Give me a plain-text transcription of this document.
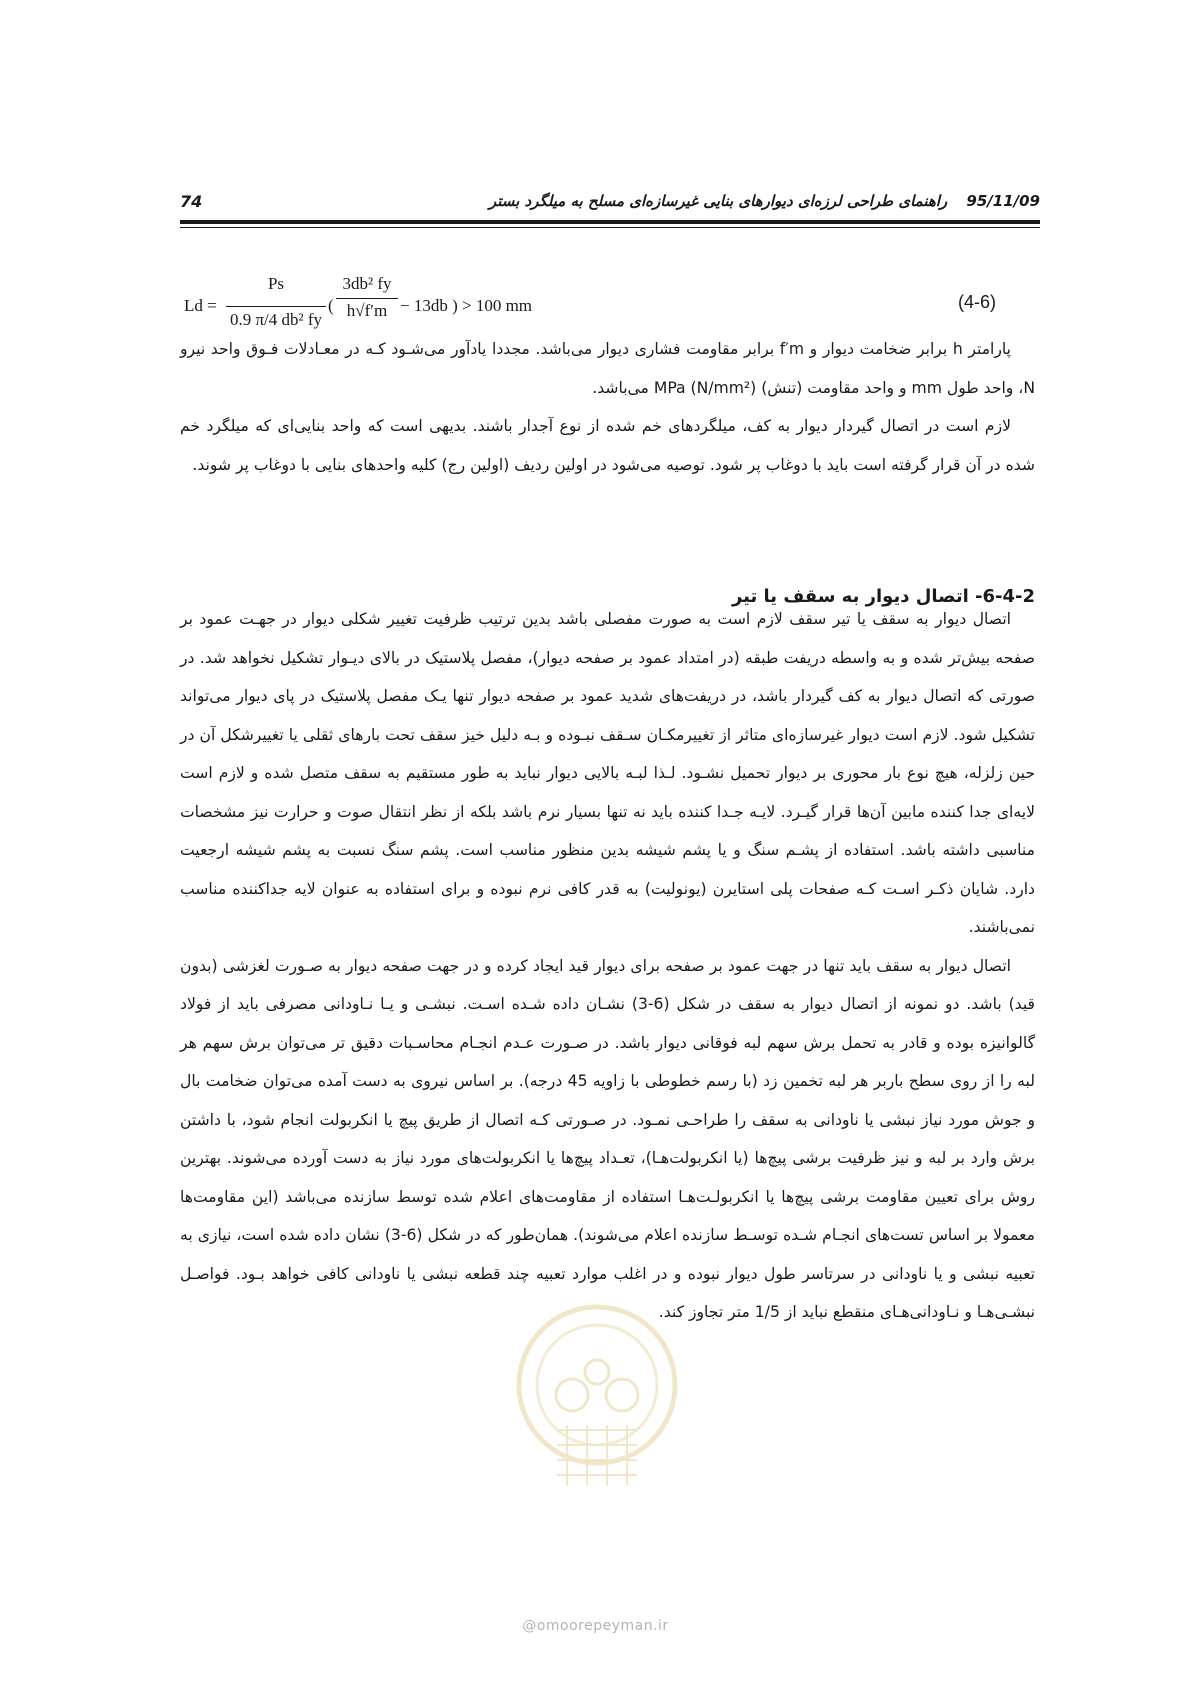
74	95/11/09 راهنمای طراحی لرزه‌ای دیوارهای بنایی غیرسازه‌ای مسلح به میلگرد بستر
Ld =
Ps
0.9 π/4 db² fy
(
3db² fy
h√f′m − 13db ) > 100 mm	(4-6)

پارامتر h برابر ضخامت دیوار و f′m برابر مقاومت فشاری دیوار می‌باشد. مجددا یادآور می‌شـود کـه در معـادلات فـوق واحد نیرو N، واحد طول mm و واحد مقاومت (تنش) MPa (N/mm²) می‌باشد.

لازم است در اتصال گیردار دیوار به کف، میلگردهای خم شده از نوع آجدار باشند. بدیهی است که واحد بنایی‌ای که میلگرد خم شده در آن قرار گرفته است باید با دوغاب پر شود. توصیه می‌شود در اولین ردیف (اولین رج) کلیه واحدهای بنایی با دوغاب پر شوند.

6-4-2- اتصال دیوار به سقف یا تیر

اتصال دیوار به سقف یا تیر سقف لازم است به صورت مفصلی باشد بدین ترتیب ظرفیت تغییر شکلی دیوار در جهـت عمود بر صفحه بیش‌تر شده و به واسطه دریفت طبقه (در امتداد عمود بر صفحه دیوار)، مفصل پلاستیک در بالای دیـوار تشکیل نخواهد شد. در صورتی که اتصال دیوار به کف گیردار باشد، در دریفت‌های شدید عمود بر صفحه دیوار تنها یـک مفصل پلاستیک در پای دیوار می‌تواند تشکیل شود. لازم است دیوار غیرسازه‌ای متاثر از تغییرمکـان سـقف نبـوده و بـه دلیل خیز سقف تحت بارهای ثقلی یا تغییرشکل آن در حین زلزله، هیچ نوع بار محوری بر دیوار تحمیل نشـود. لـذا لبـه بالایی دیوار نباید به طور مستقیم به سقف متصل شده و لازم است لایه‌ای جدا کننده مابین آن‌ها قرار گیـرد. لایـه جـدا کننده باید نه تنها بسیار نرم باشد بلکه از نظر انتقال صوت و حرارت نیز مشخصات مناسبی داشته باشد. استفاده از پشـم سنگ و یا پشم شیشه بدین منظور مناسب است. پشم سنگ نسبت به پشم شیشه ارجعیت دارد. شایان ذکـر اسـت کـه صفحات پلی استایرن (یونولیت) به قدر کافی نرم نبوده و برای استفاده به عنوان لایه جداکننده مناسب نمی‌باشند.

اتصال دیوار به سقف باید تنها در جهت عمود بر صفحه برای دیوار قید ایجاد کرده و در جهت صفحه دیوار به صـورت لغزشی (بدون قید) باشد. دو نمونه از اتصال دیوار به سقف در شکل (6-3) نشـان داده شـده اسـت. نبشـی و یـا نـاودانی مصرفی باید از فولاد گالوانیزه بوده و قادر به تحمل برش سهم لبه فوقانی دیوار باشد. در صـورت عـدم انجـام محاسـبات دقیق تر می‌توان برش سهم هر لبه را از روی سطح باربر هر لبه تخمین زد (با رسم خطوطی با زاویه 45 درجه). بر اساس نیروی به دست آمده می‌توان ضخامت بال و جوش مورد نیاز نبشی یا ناودانی به سقف را طراحـی نمـود. در صـورتی کـه اتصال از طریق پیچ یا انکربولت انجام شود، با داشتن برش وارد بر لبه و نیز ظرفیت برشی پیچ‌ها (یا انکربولت‌هـا)، تعـداد پیچ‌ها یا انکربولت‌های مورد نیاز به دست آورده می‌شوند. بهترین روش برای تعیین مقاومت برشی پیچ‌ها یا انکربولـت‌هـا استفاده از مقاومت‌های اعلام شده توسط سازنده می‌باشد (این مقاومت‌ها معمولا بر اساس تست‌های انجـام شـده توسـط سازنده اعلام می‌شوند). همان‌طور که در شکل (6-3) نشان داده شده است، نیازی به تعبیه نبشی و یا ناودانی در سرتاسر طول دیوار نبوده و در اغلب موارد تعبیه چند قطعه نبشی یا ناودانی کافی خواهد بـود. فواصـل نبشـی‌هـا و نـاودانی‌هـای منقطع نباید از 1/5 متر تجاوز کند.

@omoorepeyman.ir
